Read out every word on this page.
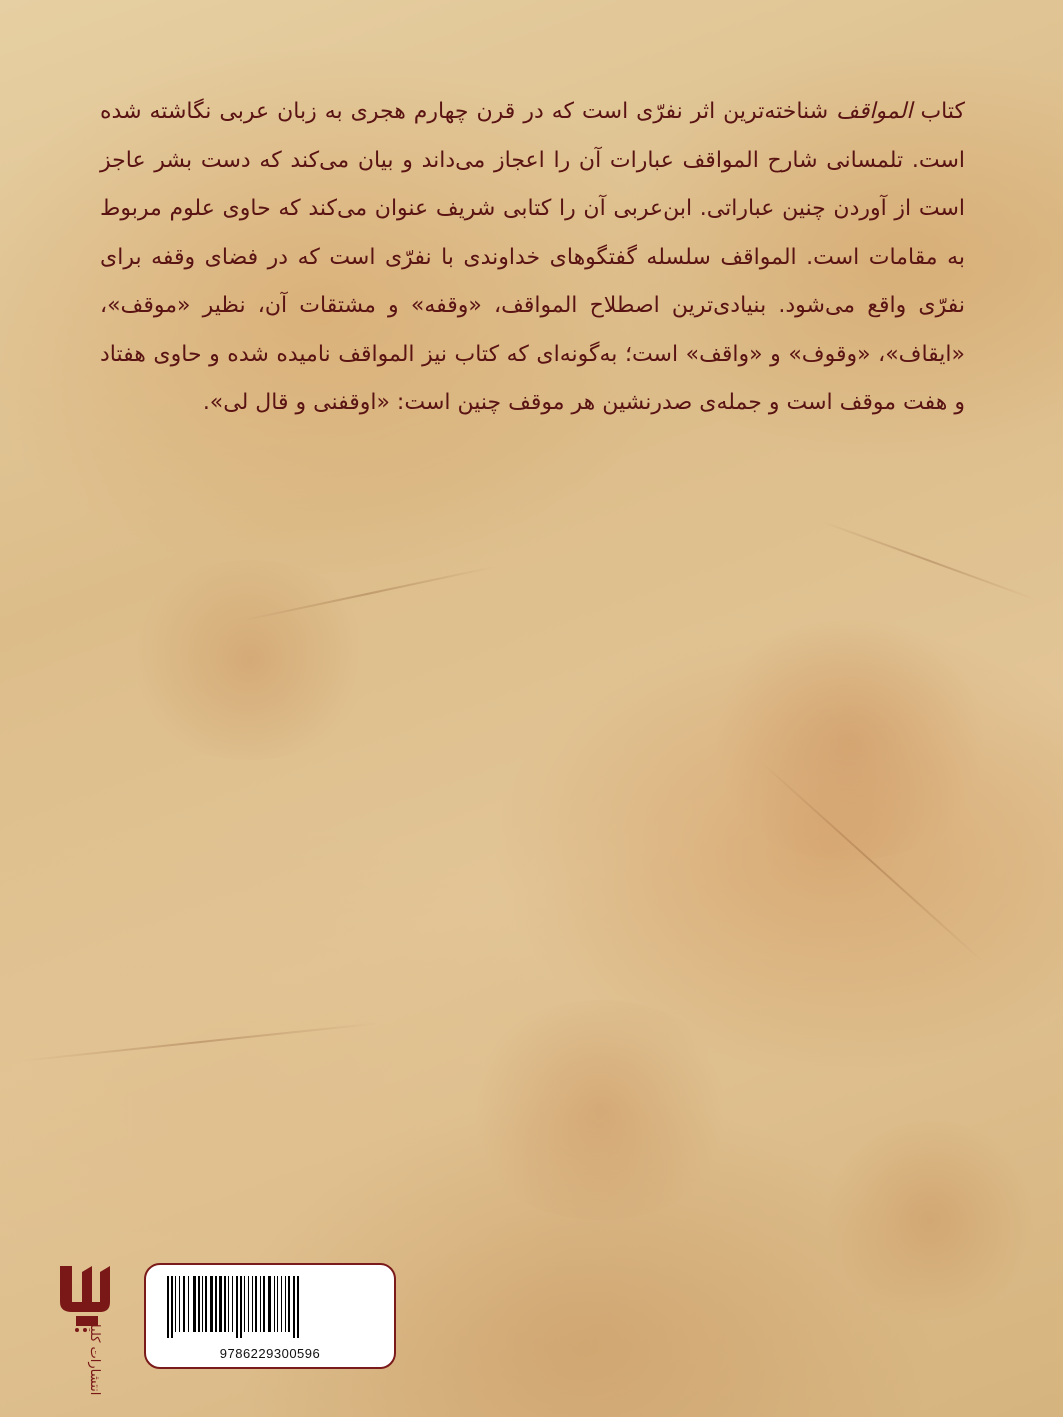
کتاب المواقف شناخته‌ترین اثر نفرّی است که در قرن چهارم هجری به زبان عربی نگاشته شده است. تلمسانی شارح المواقف عبارات آن را اعجاز می‌داند و بیان می‌کند که دست بشر عاجز است از آوردن چنین عباراتی. ابن‌عربی آن را کتابی شریف عنوان می‌کند که حاوی علوم مربوط به مقامات است. المواقف سلسله گفتگوهای خداوندی با نفرّی است که در فضای وقفه برای نفرّی واقع می‌شود. بنیادی‌ترین اصطلاح المواقف، «وقفه» و مشتقات آن، نظیر «موقف»، «ایقاف»، «وقوف» و «واقف» است؛ به‌گونه‌ای که کتاب نیز المواقف نامیده شده و حاوی هفتاد و هفت موقف است و جمله‌ی صدرنشین هر موقف چنین است: «اوقفنی و قال لی».
انتشارات کلیا	9786229300596
